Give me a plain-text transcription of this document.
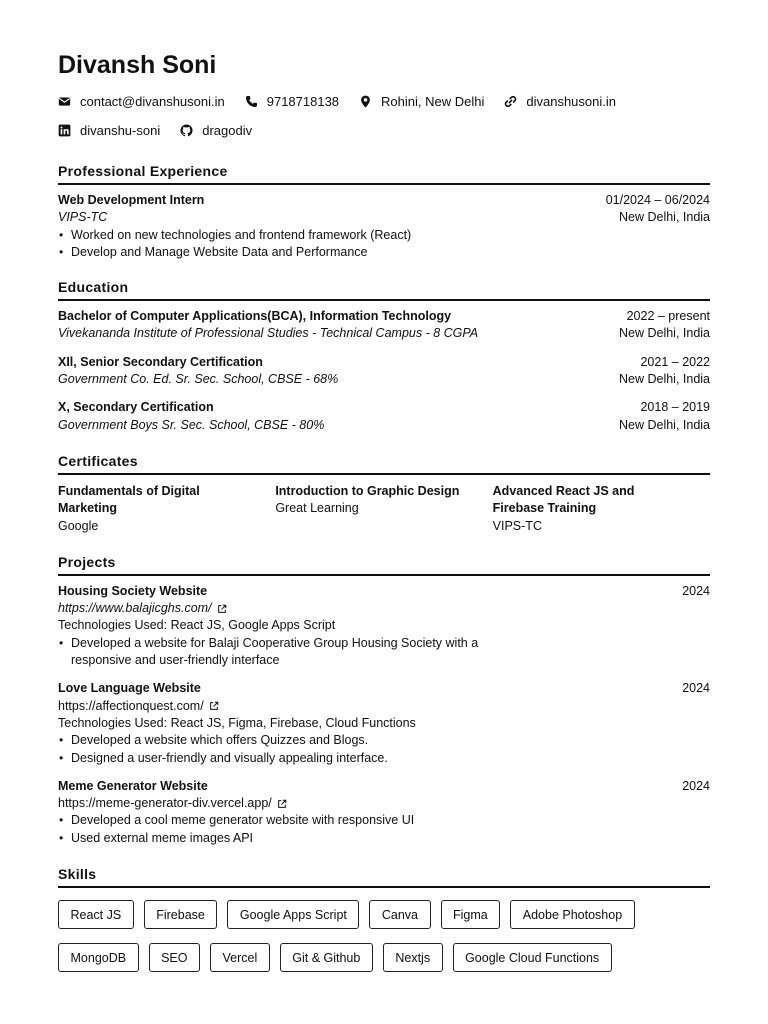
Divansh Soni
contact@divanshusoni.in	9718718138	Rohini, New Delhi	divanshusoni.in
divanshu-soni	dragodiv
Professional Experience
Web Development Intern	01/2024 – 06/2024
VIPS-TC	New Delhi, India
• Worked on new technologies and frontend framework (React)
• Develop and Manage Website Data and Performance
Education
Bachelor of Computer Applications(BCA), Information Technology	2022 – present
Vivekananda Institute of Professional Studies - Technical Campus - 8 CGPA	New Delhi, India
XIl, Senior Secondary Certification	2021 – 2022
Government Co. Ed. Sr. Sec. School, CBSE - 68%	New Delhi, India
X, Secondary Certification	2018 – 2019
Government Boys Sr. Sec. School, CBSE - 80%	New Delhi, India
Certificates
Fundamentals of Digital Marketing
Google
Introduction to Graphic Design
Great Learning
Advanced React JS and Firebase Training
VIPS-TC
Projects
Housing Society Website	2024
https://www.balajicghs.com/
Technologies Used: React JS, Google Apps Script
• Developed a website for Balaji Cooperative Group Housing Society with a responsive and user-friendly interface
Love Language Website	2024
https://affectionquest.com/
Technologies Used: React JS, Figma, Firebase, Cloud Functions
• Developed a website which offers Quizzes and Blogs.
• Designed a user-friendly and visually appealing interface.
Meme Generator Website	2024
https://meme-generator-div.vercel.app/
• Developed a cool meme generator website with responsive UI
• Used external meme images API
Skills
React JS	Firebase	Google Apps Script	Canva	Figma	Adobe Photoshop
MongoDB	SEO	Vercel	Git & Github	Nextjs	Google Cloud Functions
